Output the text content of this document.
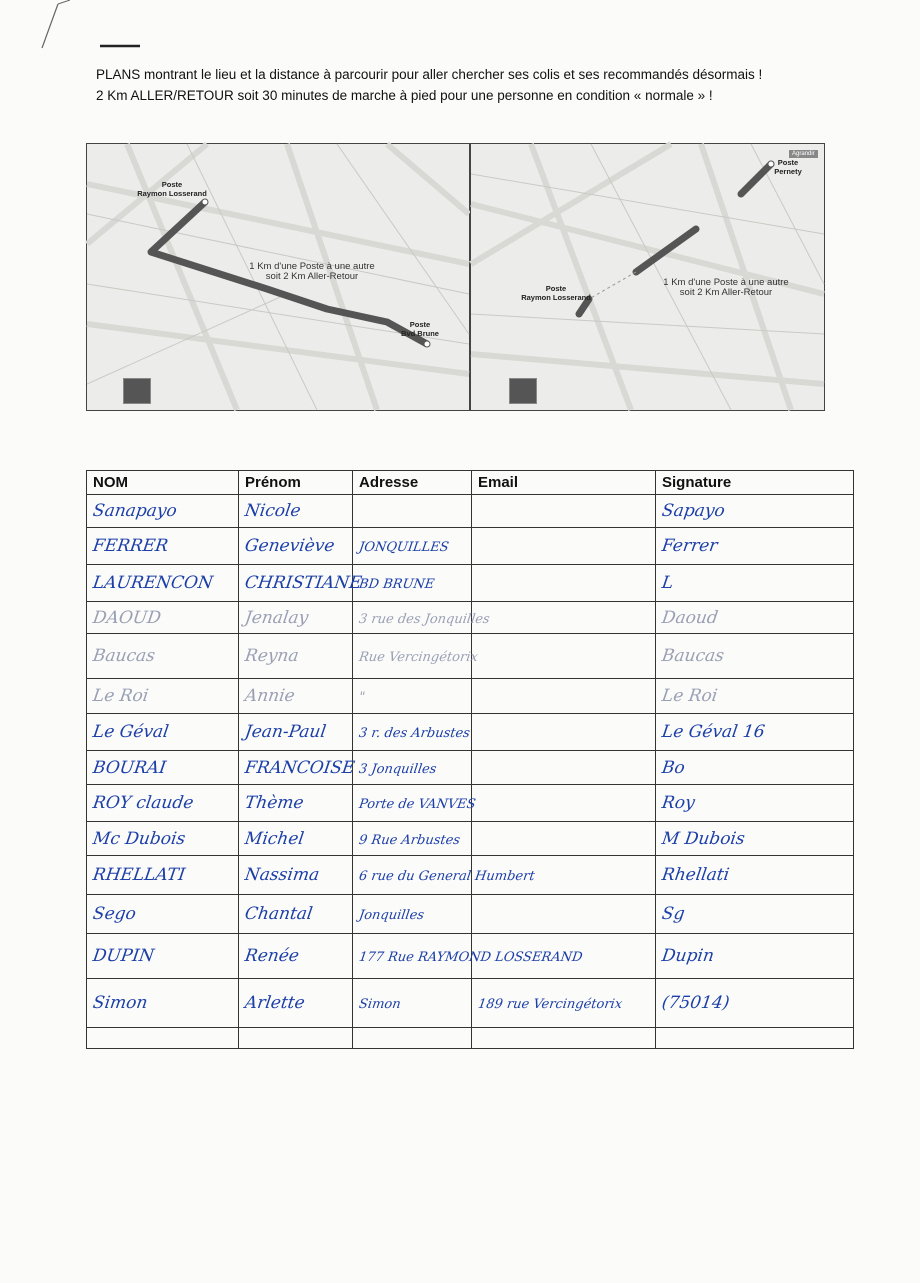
PLANS montrant le lieu et la distance à parcourir pour aller chercher ses colis et ses recommandés désormais !
2 Km ALLER/RETOUR soit 30 minutes de marche à pied pour une personne en condition « normale » !
Poste
Raymon Losserand
Poste
Bvd Brune
1 Km d'une Poste à une autre
soit 2 Km Aller-Retour
Poste
Raymon Losserand
Poste
Pernety
1 Km d'une Poste à une autre
soit 2 Km Aller-Retour
Agrandir
NOM	Prénom	Adresse	Email	Signature
Sanapayo	Nicole			Sapayo
FERRER	Geneviève	JONQUILLES		Ferrer
LAURENCON	CHRISTIANE	BD BRUNE		L
DAOUD	Jenalay	3 rue des Jonquilles		Daoud
Baucas	Reyna	Rue Vercingétorix		Baucas
Le Roi	Annie	"		Le Roi
Le Géval	Jean-Paul	3 r. des Arbustes		Le Géval 16
BOURAI	FRANCOISE	3 Jonquilles		Bo
ROY claude	Thème	Porte de VANVES		Roy
Mc Dubois	Michel	9 Rue Arbustes		M Dubois
RHELLATI	Nassima	6 rue du General Humbert		Rhellati
Sego	Chantal	Jonquilles		Sg
DUPIN	Renée	177 Rue RAYMOND LOSSERAND		Dupin
Simon	Arlette	Simon	189 rue Vercingétorix	(75014)
